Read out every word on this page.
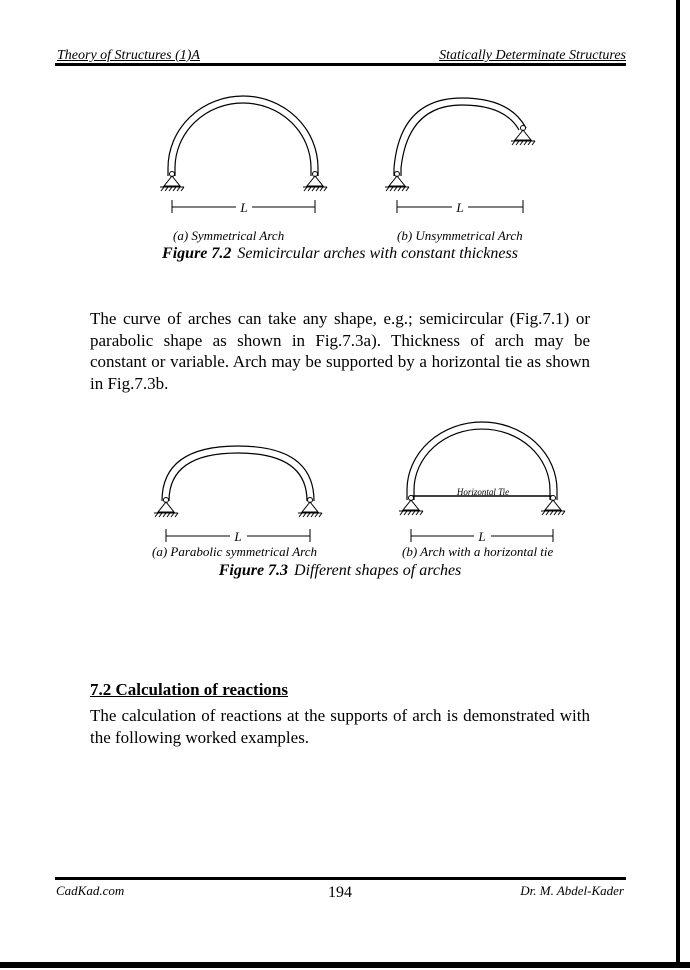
Theory of Structures (1)A	Statically Determinate Structures
L	L
(a) Symmetrical Arch	(b) Unsymmetrical Arch
Figure 7.2 Semicircular arches with constant thickness

The curve of arches can take any shape, e.g.; semicircular (Fig.7.1) or parabolic shape as shown in Fig.7.3a). Thickness of arch may be constant or variable. Arch may be supported by a horizontal tie as shown in Fig.7.3b.

Horizontal Tie
L	L
(a) Parabolic symmetrical Arch	(b) Arch with a horizontal tie
Figure 7.3 Different shapes of arches
7.2 Calculation of reactions

The calculation of reactions at the supports of arch is demonstrated with the following worked examples.

CadKad.com	194	Dr. M. Abdel-Kader
